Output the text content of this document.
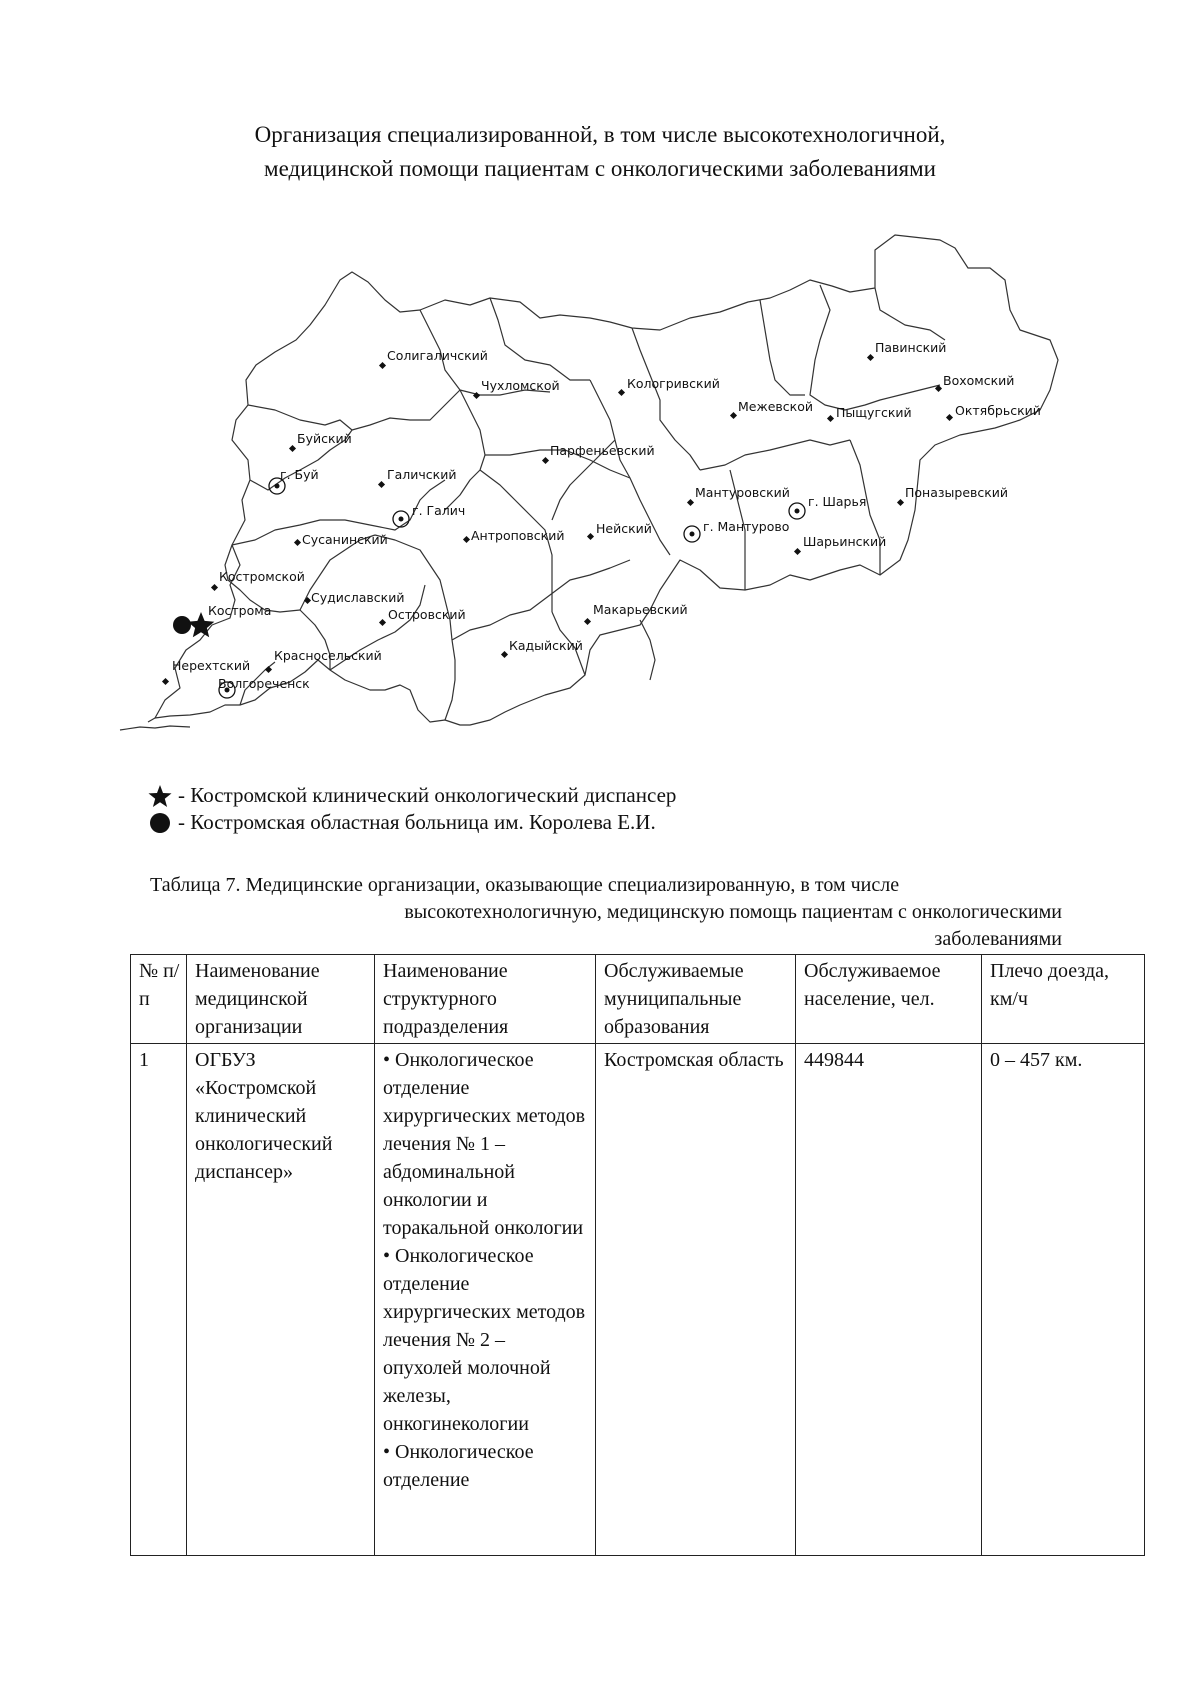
Организация специализированной, в том числе высокотехнологичной,
медицинской помощи пациентам с онкологическими заболеваниями
Солигаличский
Чухломской	Кологривский
Павинский
Вохомский
Межевской Пыщугский	Октябрьский
Буйский
Парфеньевский
Галичский
Мантуровский	Поназыревский
Сусанинский	Антроповский	Нейский
Шарьинский
Костромской
Судиславский
Островский	Макарьевский
Кадыйский
Красносельский
Нерехтский
г. Буй
г. Галич
г. Шарья
г. Мантурово
Кострома
Волгореченск
- Костромской клинический онкологический диспансер
- Костромская областная больница им. Королева Е.И.
Таблица 7. Медицинские организации, оказывающие специализированную, в том числе
высокотехнологичную, медицинскую помощь пациентам с онкологическими
заболеваниями
№ п/п	Наименование медицинской организации	Наименование структурного подразделения	Обслуживаемые муниципальные образования	Обслуживаемое население, чел.	Плечо доезда, км/ч
1	ОГБУЗ «Костромской клинический онкологический диспансер»	• Онкологическое отделение хирургических методов лечения № 1 – абдоминальной онкологии и торакальной онкологии
• Онкологическое отделение хирургических методов лечения № 2 – опухолей молочной железы, онкогинекологии
• Онкологическое отделение	Костромская область	449844	0 – 457 км.
